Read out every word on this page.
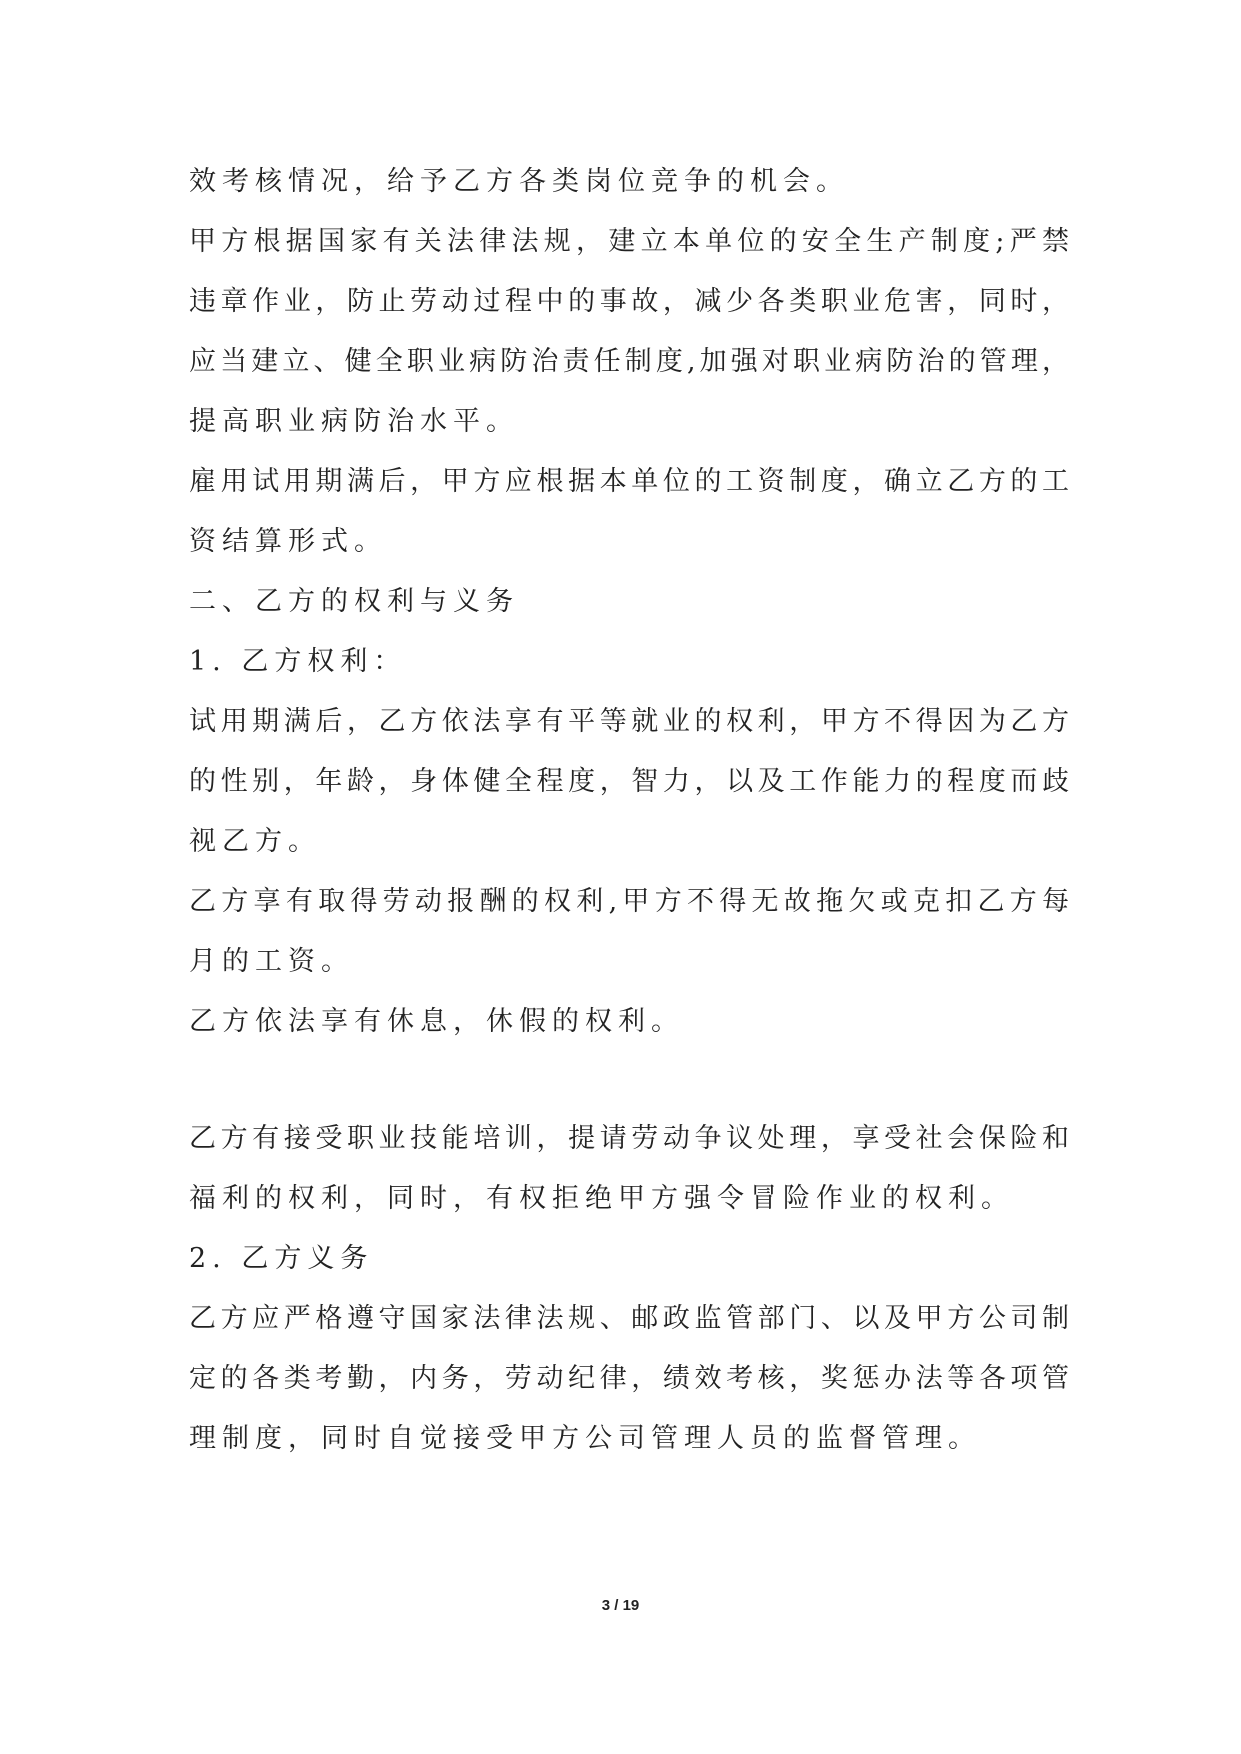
效考核情况，给予乙方各类岗位竞争的机会。
甲方根据国家有关法律法规，建立本单位的安全生产制度;严禁
违章作业，防止劳动过程中的事故，减少各类职业危害，同时，
应当建立、健全职业病防治责任制度,加强对职业病防治的管理，
提高职业病防治水平。
雇用试用期满后，甲方应根据本单位的工资制度，确立乙方的工
资结算形式。
二、乙方的权利与义务
1. 乙方权利：
试用期满后，乙方依法享有平等就业的权利，甲方不得因为乙方
的性别，年龄，身体健全程度，智力，以及工作能力的程度而歧
视乙方。
乙方享有取得劳动报酬的权利,甲方不得无故拖欠或克扣乙方每
月的工资。
乙方依法享有休息，休假的权利。
乙方有接受职业技能培训，提请劳动争议处理，享受社会保险和
福利的权利，同时，有权拒绝甲方强令冒险作业的权利。
2. 乙方义务
乙方应严格遵守国家法律法规、邮政监管部门、以及甲方公司制
定的各类考勤，内务，劳动纪律，绩效考核，奖惩办法等各项管
理制度，同时自觉接受甲方公司管理人员的监督管理。
3 / 19
